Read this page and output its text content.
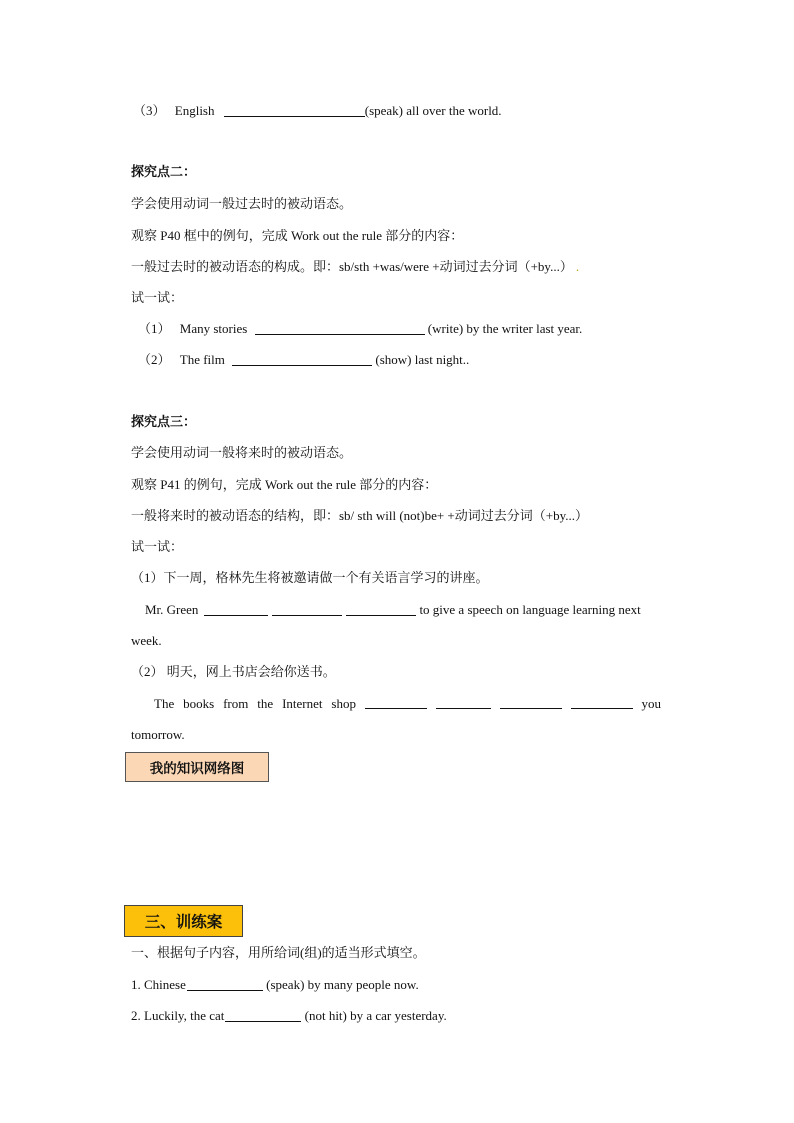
（3） English	(speak) all over the world.
探究点二：
学会使用动词一般过去时的被动语态。
观察 P40 框中的例句，完成 Work out the rule 部分的内容：
一般过去时的被动语态的构成。即：sb/sth +was/were +动词过去分词（+by...） .
试一试：
（1） Many stories	(write) by the writer last year.
（2） The film	(show) last night..
探究点三：
学会使用动词一般将来时的被动语态。
观察 P41 的例句，完成 Work out the rule 部分的内容：
一般将来时的被动语态的结构，即：sb/ sth will (not)be+ +动词过去分词（+by...）
试一试：
（1）下一周，格林先生将被邀请做一个有关语言学习的讲座。
Mr. Green	to give a speech on language learning next
week.
（2） 明天，网上书店会给你送书。
The books from the Internet shop	you
tomorrow.
我的知识网络图
三、训练案
一、根据句子内容，用所给词(组)的适当形式填空。
1. Chinese	(speak) by many people now.
2. Luckily, the cat	(not hit) by a car yesterday.
